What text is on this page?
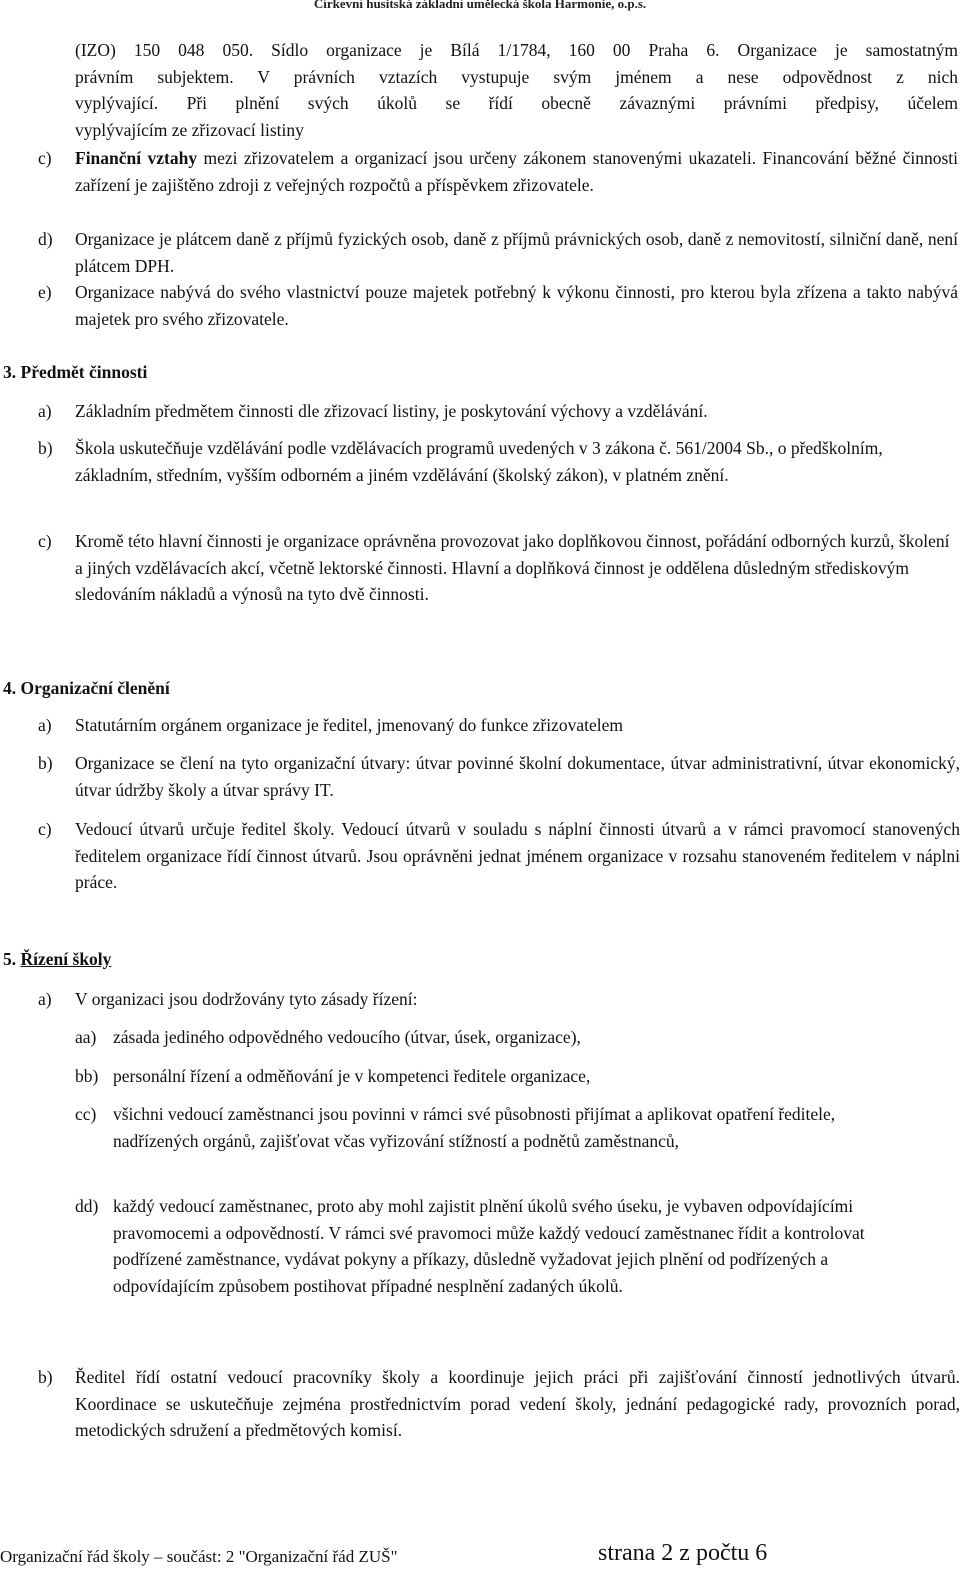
Církevní husitská základní umělecká škola Harmonie, o.p.s.
(IZO) 150 048 050. Sídlo organizace je Bílá 1/1784, 160 00 Praha 6. Organizace je samostatným
právním subjektem. V právních vztazích vystupuje svým jménem a nese odpovědnost z nich
vyplývající. Při plnění svých úkolů se řídí obecně závaznými právními předpisy, účelem
vyplývajícím ze zřizovací listiny
c) Finanční vztahy mezi zřizovatelem a organizací jsou určeny zákonem stanovenými ukazateli. Financování běžné činnosti zařízení je zajištěno zdroji z veřejných rozpočtů a příspěvkem zřizovatele.
d) Organizace je plátcem daně z příjmů fyzických osob, daně z příjmů právnických osob, daně z nemovitostí, silniční daně, není plátcem DPH.
e) Organizace nabývá do svého vlastnictví pouze majetek potřebný k výkonu činnosti, pro kterou byla zřízena a takto nabývá majetek pro svého zřizovatele.
3. Předmět činnosti
a) Základním předmětem činnosti dle zřizovací listiny, je poskytování výchovy a vzdělávání.
b) Škola uskutečňuje vzdělávání podle vzdělávacích programů uvedených v 3 zákona č. 561/2004 Sb., o předškolním, základním, středním, vyšším odborném a jiném vzdělávání (školský zákon), v platném znění.
c) Kromě této hlavní činnosti je organizace oprávněna provozovat jako doplňkovou činnost, pořádání odborných kurzů, školení a jiných vzdělávacích akcí, včetně lektorské činnosti. Hlavní a doplňková činnost je oddělena důsledným střediskovým sledováním nákladů a výnosů na tyto dvě činnosti.
4. Organizační členění
a) Statutárním orgánem organizace je ředitel, jmenovaný do funkce zřizovatelem
b) Organizace se člení na tyto organizační útvary: útvar povinné školní dokumentace, útvar administrativní, útvar ekonomický, útvar údržby školy a útvar správy IT.
c) Vedoucí útvarů určuje ředitel školy. Vedoucí útvarů v souladu s náplní činnosti útvarů a v rámci pravomocí stanovených ředitelem organizace řídí činnost útvarů. Jsou oprávněni jednat jménem organizace v rozsahu stanoveném ředitelem v náplni práce.
5. Řízení školy
a) V organizaci jsou dodržovány tyto zásady řízení:
aa) zásada jediného odpovědného vedoucího (útvar, úsek, organizace),
bb) personální řízení a odměňování je v kompetenci ředitele organizace,
cc) všichni vedoucí zaměstnanci jsou povinni v rámci své působnosti přijímat a aplikovat opatření ředitele, nadřízených orgánů, zajišťovat včas vyřizování stížností a podnětů zaměstnanců,
dd) každý vedoucí zaměstnanec, proto aby mohl zajistit plnění úkolů svého úseku, je vybaven odpovídajícími pravomocemi a odpovědností. V rámci své pravomoci může každý vedoucí zaměstnanec řídit a kontrolovat podřízené zaměstnance, vydávat pokyny a příkazy, důsledně vyžadovat jejich plnění od podřízených a odpovídajícím způsobem postihovat případné nesplnění zadaných úkolů.
b) Ředitel řídí ostatní vedoucí pracovníky školy a koordinuje jejich práci při zajišťování činností jednotlivých útvarů. Koordinace se uskutečňuje zejména prostřednictvím porad vedení školy, jednání pedagogické rady, provozních porad, metodických sdružení a předmětových komisí.
Organizační řád školy – součást: 2 "Organizační řád ZUŠ"	strana 2 z počtu 6
